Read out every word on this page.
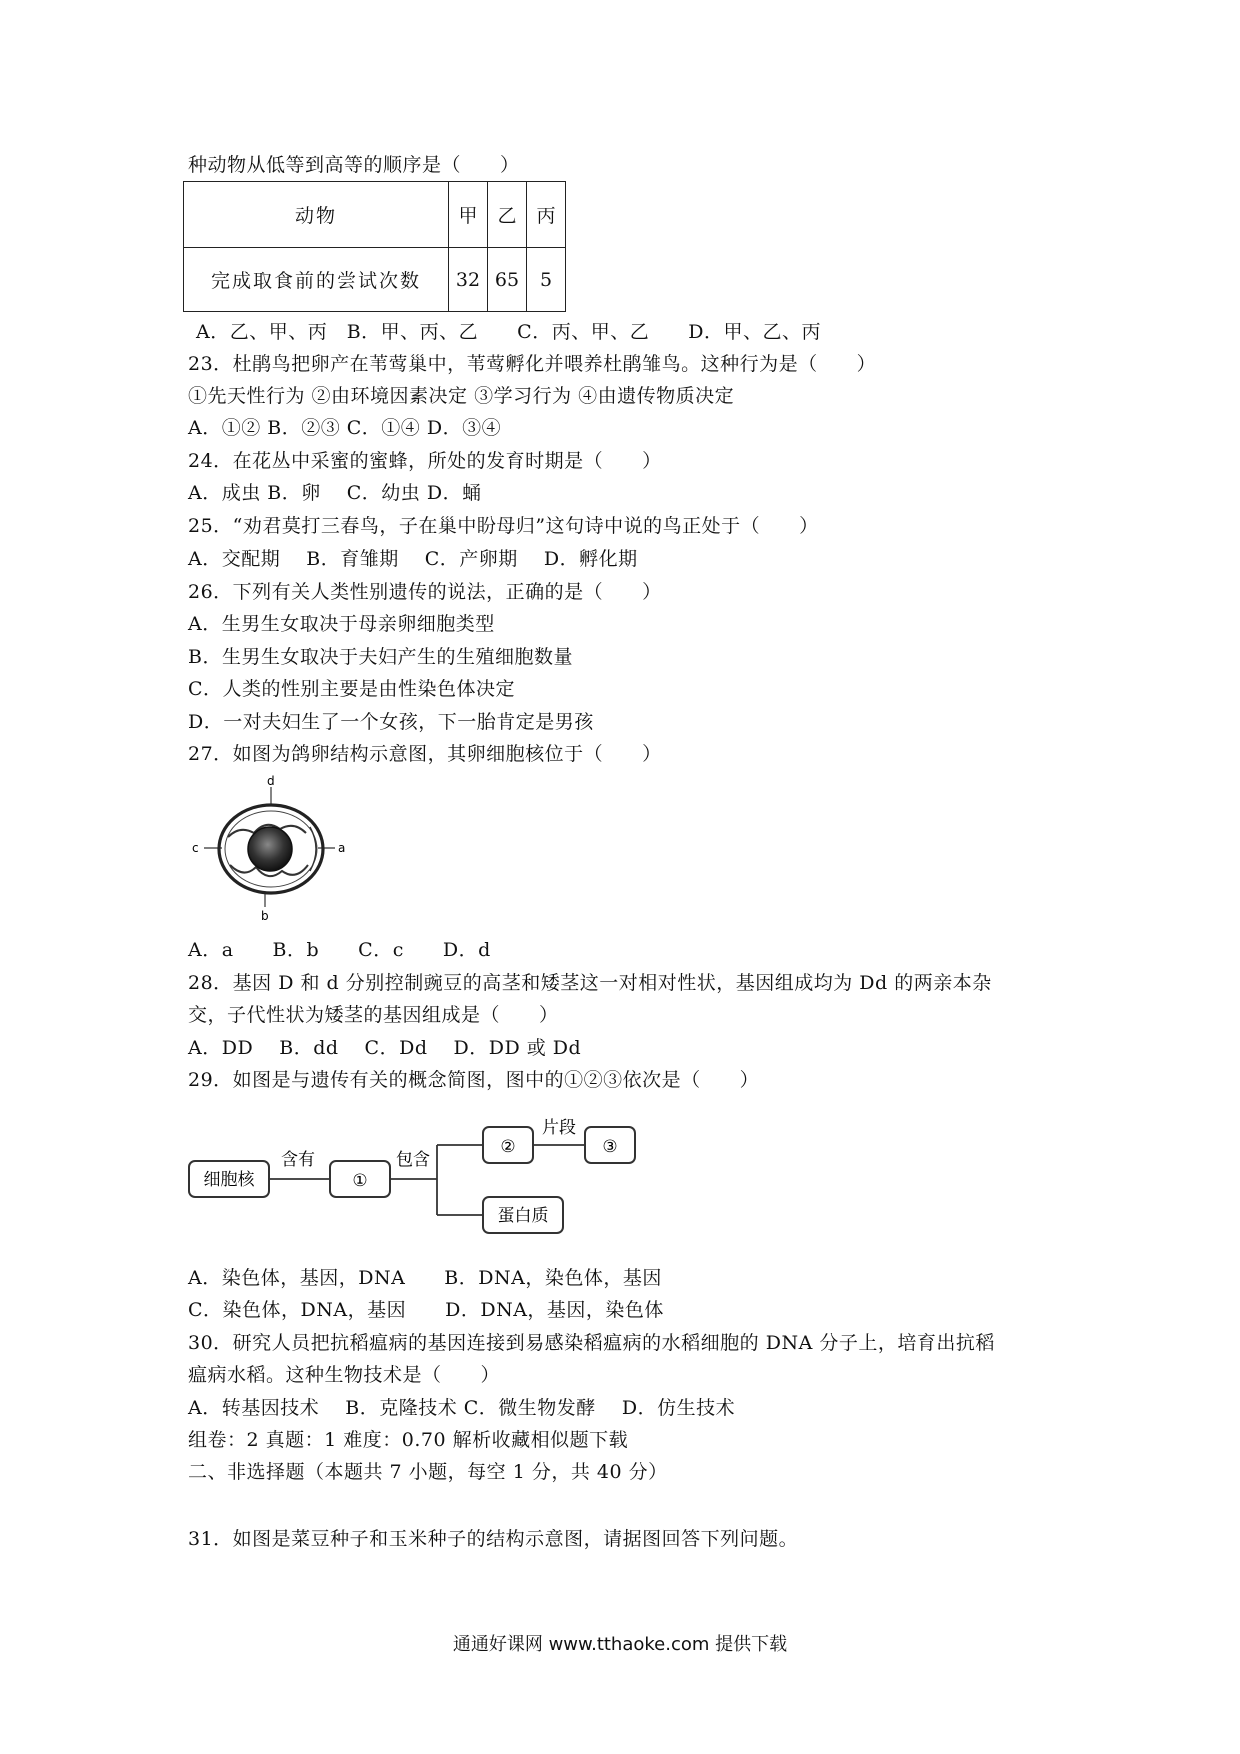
种动物从低等到高等的顺序是（　　）
动物	甲	乙	丙
完成取食前的尝试次数	32	65	5
A．乙、甲、丙　B．甲、丙、乙　　C．丙、甲、乙　　D．甲、乙、丙
23．杜鹃鸟把卵产在苇莺巢中，苇莺孵化并喂养杜鹃雏鸟。这种行为是（　　）
①先天性行为 ②由环境因素决定 ③学习行为 ④由遗传物质决定
A．①② B．②③ C．①④ D．③④
24．在花丛中采蜜的蜜蜂，所处的发育时期是（　　）
A．成虫 B．卵　 C．幼虫 D．蛹
25．“劝君莫打三春鸟，子在巢中盼母归”这句诗中说的鸟正处于（　　）
A．交配期　 B．育雏期　 C．产卵期　 D．孵化期
26．下列有关人类性别遗传的说法，正确的是（　　）
A．生男生女取决于母亲卵细胞类型
B．生男生女取决于夫妇产生的生殖细胞数量
C．人类的性别主要是由性染色体决定
D．一对夫妇生了一个女孩，下一胎肯定是男孩
27．如图为鸽卵结构示意图，其卵细胞核位于（　　）
d
c	a
b
A．a　　B．b　　C．c　　D．d
28．基因 D 和 d 分别控制豌豆的高茎和矮茎这一对相对性状，基因组成均为 Dd 的两亲本杂
交，子代性状为矮茎的基因组成是（　　）
A．DD　 B．dd　 C．Dd　 D．DD 或 Dd
29．如图是与遗传有关的概念简图，图中的①②③依次是（　　）
细胞核
含有
①
包含
②
片段
③
蛋白质
A．染色体，基因，DNA　　B．DNA，染色体，基因
C．染色体，DNA，基因　　D．DNA，基因，染色体
30．研究人员把抗稻瘟病的基因连接到易感染稻瘟病的水稻细胞的 DNA 分子上，培育出抗稻
瘟病水稻。这种生物技术是（　　）
A．转基因技术　 B．克隆技术 C．微生物发酵　 D．仿生技术
组卷：2 真题：1 难度：0.70 解析收藏相似题下载
二、非选择题（本题共 7 小题，每空 1 分，共 40 分）
31．如图是菜豆种子和玉米种子的结构示意图，请据图回答下列问题。
通通好课网 www.tthaoke.com 提供下载
